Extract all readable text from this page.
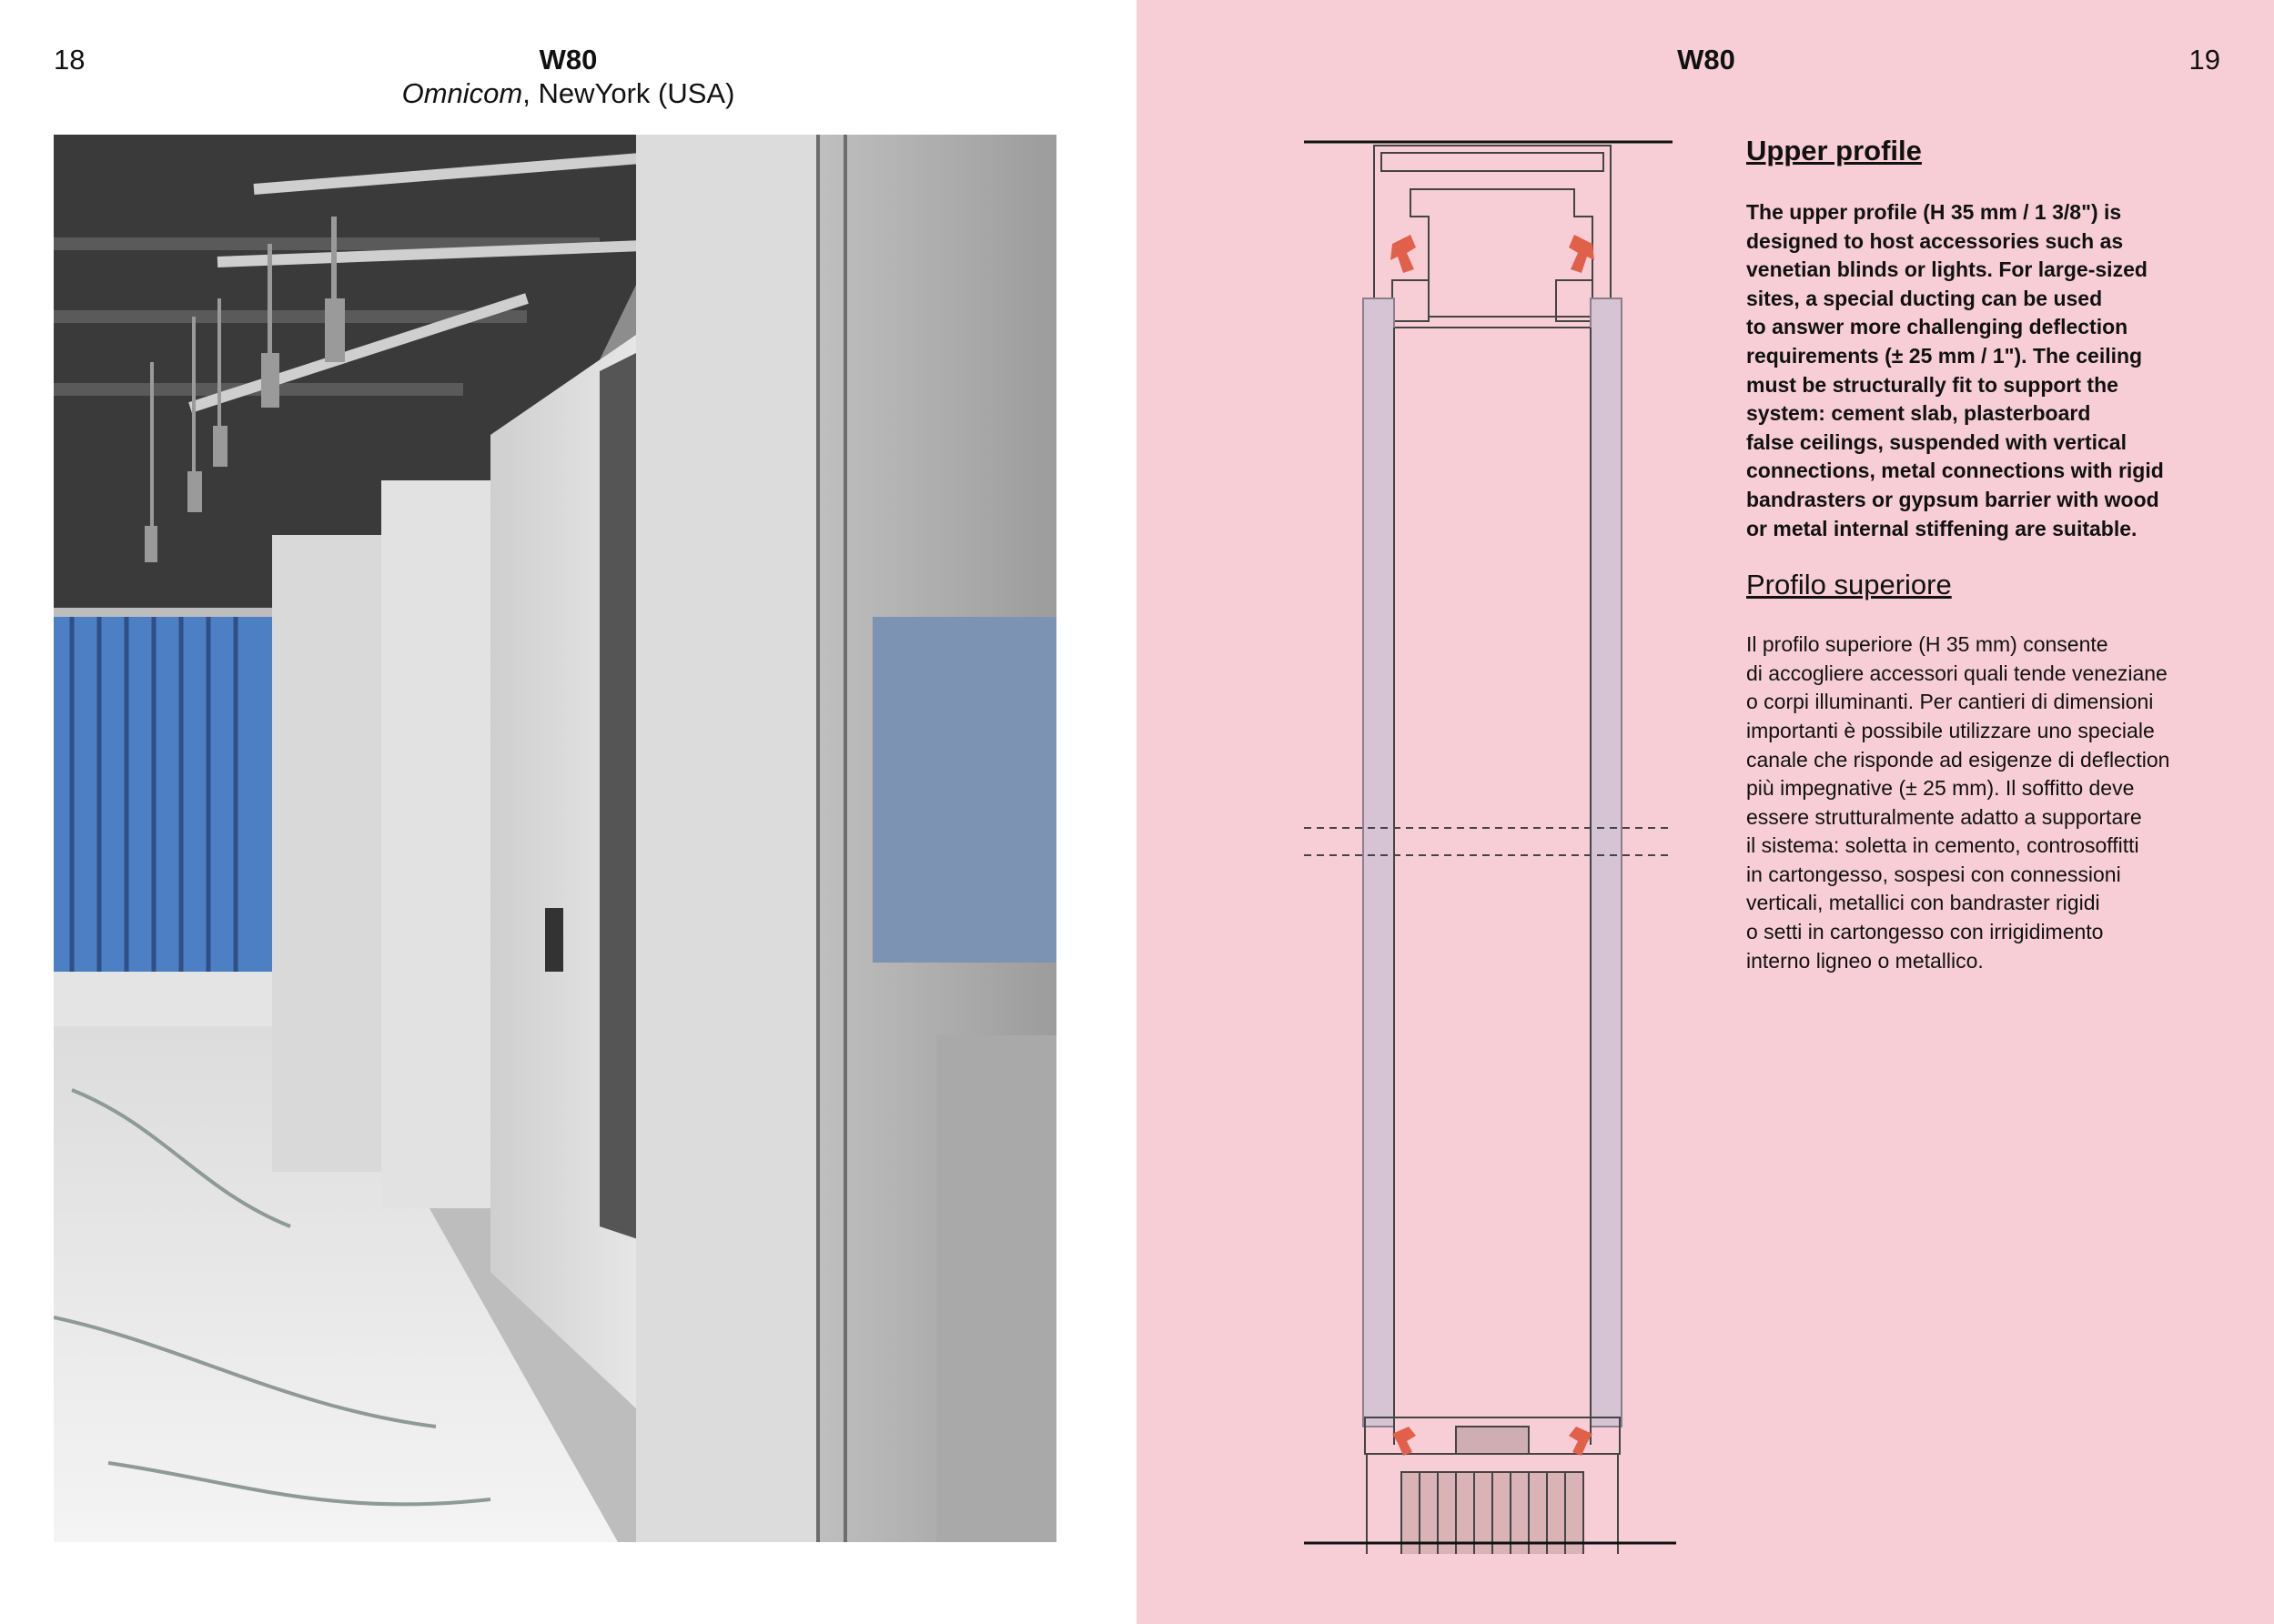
18	W80
Omnicom, NewYork (USA)
W80	19
Upper profile

The upper profile (H 35 mm / 1 3/8") is
designed to host accessories such as
venetian blinds or lights. For large-sized
sites, a special ducting can be used
to answer more challenging deflection
requirements (± 25 mm / 1"). The ceiling
must be structurally fit to support the
system: cement slab, plasterboard
false ceilings, suspended with vertical
connections, metal connections with rigid
bandrasters or gypsum barrier with wood
or metal internal stiffening are suitable.

Profilo superiore

Il profilo superiore (H 35 mm) consente
di accogliere accessori quali tende veneziane
o corpi illuminanti. Per cantieri di dimensioni
importanti è possibile utilizzare uno speciale
canale che risponde ad esigenze di deflection
più impegnative (± 25 mm). Il soffitto deve
essere strutturalmente adatto a supportare
il sistema: soletta in cemento, controsoffitti
in cartongesso, sospesi con connessioni
verticali, metallici con bandraster rigidi
o setti in cartongesso con irrigidimento
interno ligneo o metallico.
